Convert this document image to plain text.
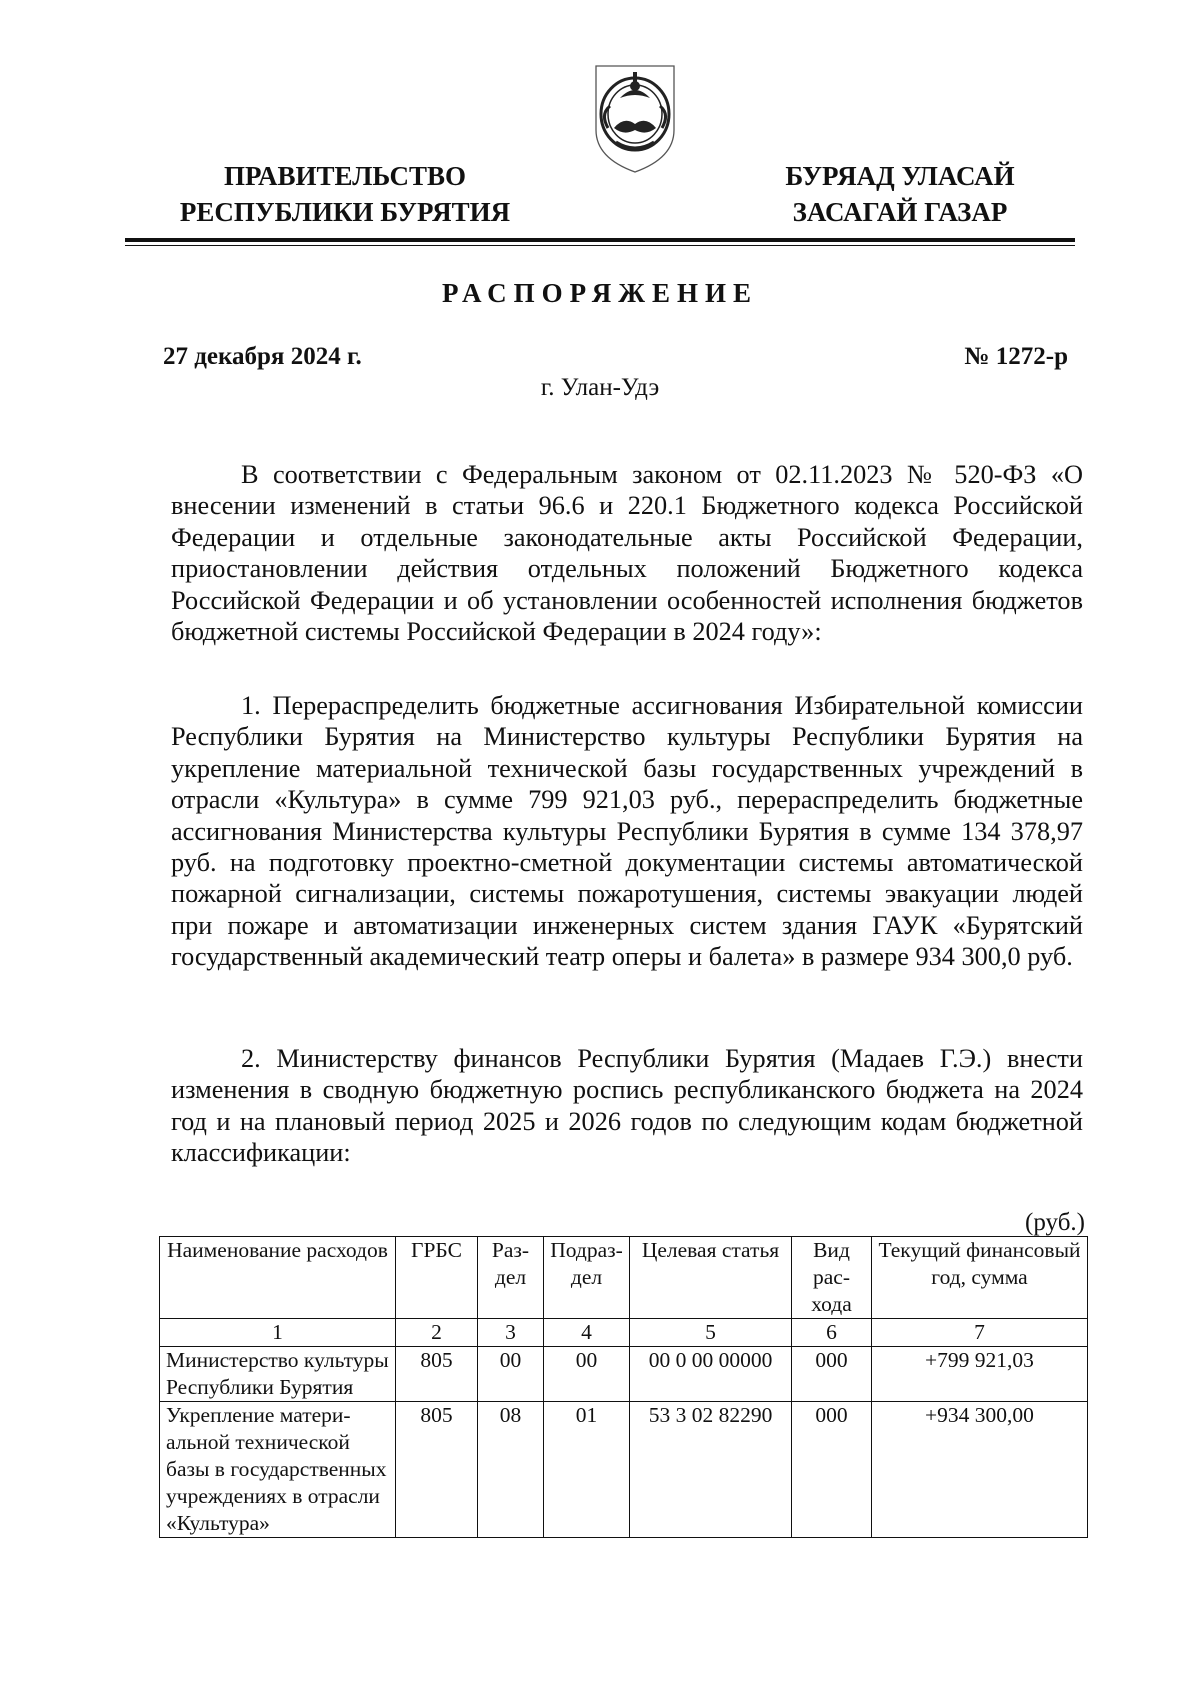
ПРАВИТЕЛЬСТВО
РЕСПУБЛИКИ БУРЯТИЯ
БУРЯАД УЛАСАЙ
ЗАСАГАЙ ГАЗАР
РАСПОРЯЖЕНИЕ
27 декабря 2024 г.	№ 1272-р
г. Улан-Удэ
В соответствии с Федеральным законом от 02.11.2023 № 520-ФЗ «О внесении изменений в статьи 96.6 и 220.1 Бюджетного кодекса Российской Федерации и отдельные законодательные акты Российской Федерации, приостановлении действия отдельных положений Бюджетного кодекса Российской Федерации и об установлении особенностей исполнения бюджетов бюджетной системы Российской Федерации в 2024 году»:
1. Перераспределить бюджетные ассигнования Избирательной комиссии Республики Бурятия на Министерство культуры Республики Бурятия на укрепление материальной технической базы государственных учреждений в отрасли «Культура» в сумме 799 921,03 руб., перераспределить бюджетные ассигнования Министерства культуры Республики Бурятия в сумме 134 378,97 руб. на подготовку проектно-сметной документации системы автоматической пожарной сигнализации, системы пожаротушения, системы эвакуации людей при пожаре и автоматизации инженерных систем здания ГАУК «Бурятский государственный академический театр оперы и балета» в размере 934 300,0 руб.
2. Министерству финансов Республики Бурятия (Мадаев Г.Э.) внести изменения в сводную бюджетную роспись республиканского бюджета на 2024 год и на плановый период 2025 и 2026 годов по следующим кодам бюджетной классификации:
(руб.)
Наименование расходов	ГРБС	Раздел	Подраздел	Целевая статья	Вид расхода	Текущий финансовый год, сумма
1	2	3	4	5	6	7
Министерство культуры Республики Бурятия	805	00	00	00 0 00 00000	000	+799 921,03
Укрепление материальной технической базы в государственных учреждениях в отрасли «Культура»	805	08	01	53 3 02 82290	000	+934 300,00
